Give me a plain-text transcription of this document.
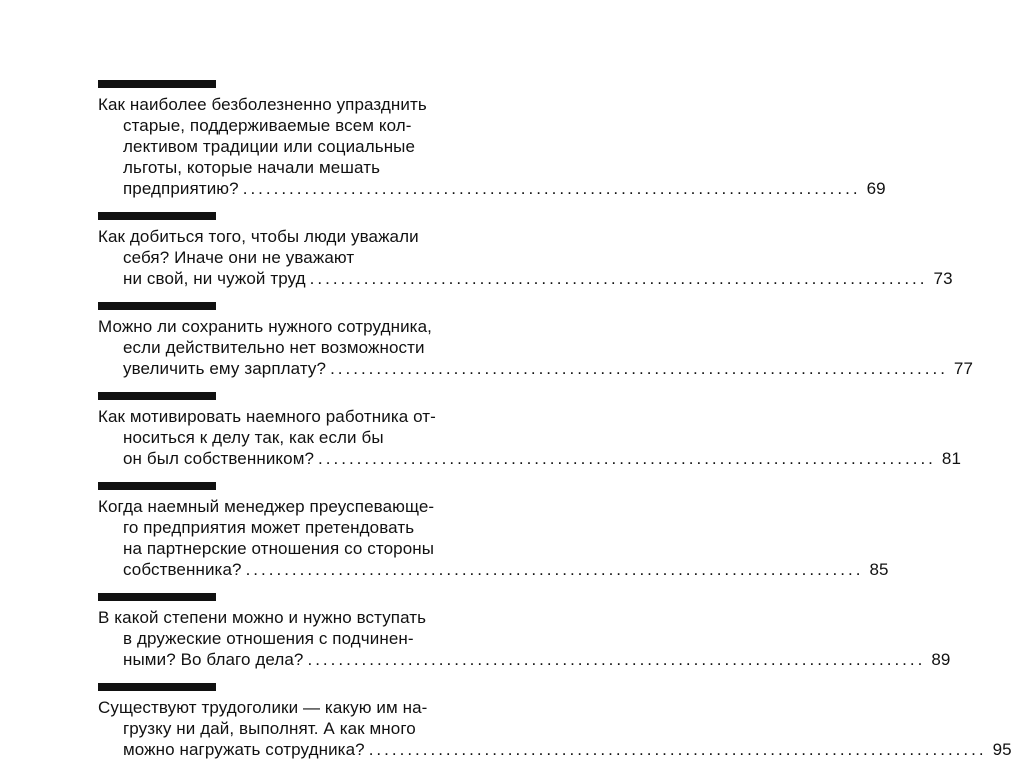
Как наиболее безболезненно упразднить
старые, поддерживаемые всем кол-
лективом традиции или социальные
льготы, которые начали мешать
предприятию? ................................................................................ 69
Как добиться того, чтобы люди уважали
себя? Иначе они не уважают
ни свой, ни чужой труд ................................................................................ 73
Можно ли сохранить нужного сотрудника,
если действительно нет возможности
увеличить ему зарплату? ................................................................................ 77
Как мотивировать наемного работника от-
носиться к делу так, как если бы
он был собственником? ................................................................................ 81
Когда наемный менеджер преуспевающе-
го предприятия может претендовать
на партнерские отношения со стороны
собственника? ................................................................................ 85
В какой степени можно и нужно вступать
в дружеские отношения с подчинен-
ными? Во благо дела? ................................................................................ 89
Существуют трудоголики — какую им на-
грузку ни дай, выполнят. А как много
можно нагружать сотрудника? ................................................................................ 95
